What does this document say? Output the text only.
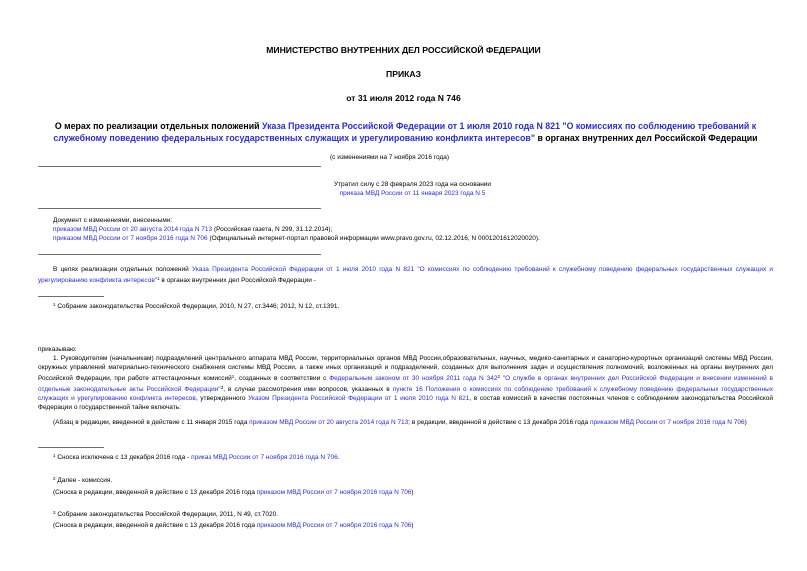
МИНИСТЕРСТВО ВНУТРЕННИХ ДЕЛ РОССИЙСКОЙ ФЕДЕРАЦИИ
ПРИКАЗ
от 31 июля 2012 года N 746
О мерах по реализации отдельных положений Указа Президента Российской Федерации от 1 июля 2010 года N 821 "О комиссиях по соблюдению требований к служебному поведению федеральных государственных служащих и урегулированию конфликта интересов" в органах внутренних дел Российской Федерации
(с изменениями на 7 ноября 2016 года)
Утратил силу с 28 февраля 2023 года на основании
приказа МВД России от 11 января 2023 года N 5
Документ с изменениями, внесенными:
приказом МВД России от 20 августа 2014 года N 713 (Российская газета, N 299, 31.12.2014);
приказом МВД России от 7 ноября 2016 года N 706 (Официальный интернет-портал правовой информации www.pravo.gov.ru, 02.12.2016, N 0001201612020020).
В целях реализации отдельных положений Указа Президента Российской Федерации от 1 июля 2010 года N 821 "О комиссиях по соблюдению требований к служебному поведению федеральных государственных служащих и урегулированию конфликта интересов"$^1$ в органах внутренних дел Российской Федерации -
$^1$ Собрание законодательства Российской Федерации, 2010, N 27, ст.3446; 2012, N 12, ст.1391.
приказываю:
1. Руководителям (начальникам) подразделений центрального аппарата МВД России, территориальных органов МВД России,образовательных, научных, медико-санитарных и санаторно-курортных организаций системы МВД России, окружных управлений материально-технического снабжения системы МВД России, а также иных организаций и подразделений, созданных для выполнения задач и осуществления полномочий, возложенных на органы внутренних дел Российской Федерации, при работе аттестационных комиссий$^1$, созданных в соответствии с Федеральным законом от 30 ноября 2011 года N $342^2$ "О службе в органах внутренних дел Российской Федерации и внесении изменений в отдельные законодательные акты Российской Федерации"$^3$, в случае рассмотрения ими вопросов, указанных в пункте 16 Положения о комиссиях по соблюдению требований к служебному поведению федеральных государственных служащих и урегулированию конфликта интересов, утвержденного Указом Президента Российской Федерации от 1 июля 2010 года N 821, в состав комиссий в качестве постоянных членов с соблюдением законодательства Российской Федерации о государственной тайне включать:
(Абзац в редакции, введенной в действие с 11 января 2015 года приказом МВД России от 20 августа 2014 года N 713; в редакции, введенной в действие с 13 декабря 2016 года приказом МВД России от 7 ноября 2016 года N 706)
$^1$ Сноска исключена с 13 декабря 2016 года - приказ МВД России от 7 ноября 2016 года N 706.
$^2$ Далее - комиссия.
(Сноска в редакции, введенной в действие с 13 декабря 2016 года приказом МВД России от 7 ноября 2016 года N 706)
$^3$ Собрание законодательства Российской Федерации, 2011, N 49, ст.7020.
(Сноска в редакции, введенной в действие с 13 декабря 2016 года приказом МВД России от 7 ноября 2016 года N 706)
